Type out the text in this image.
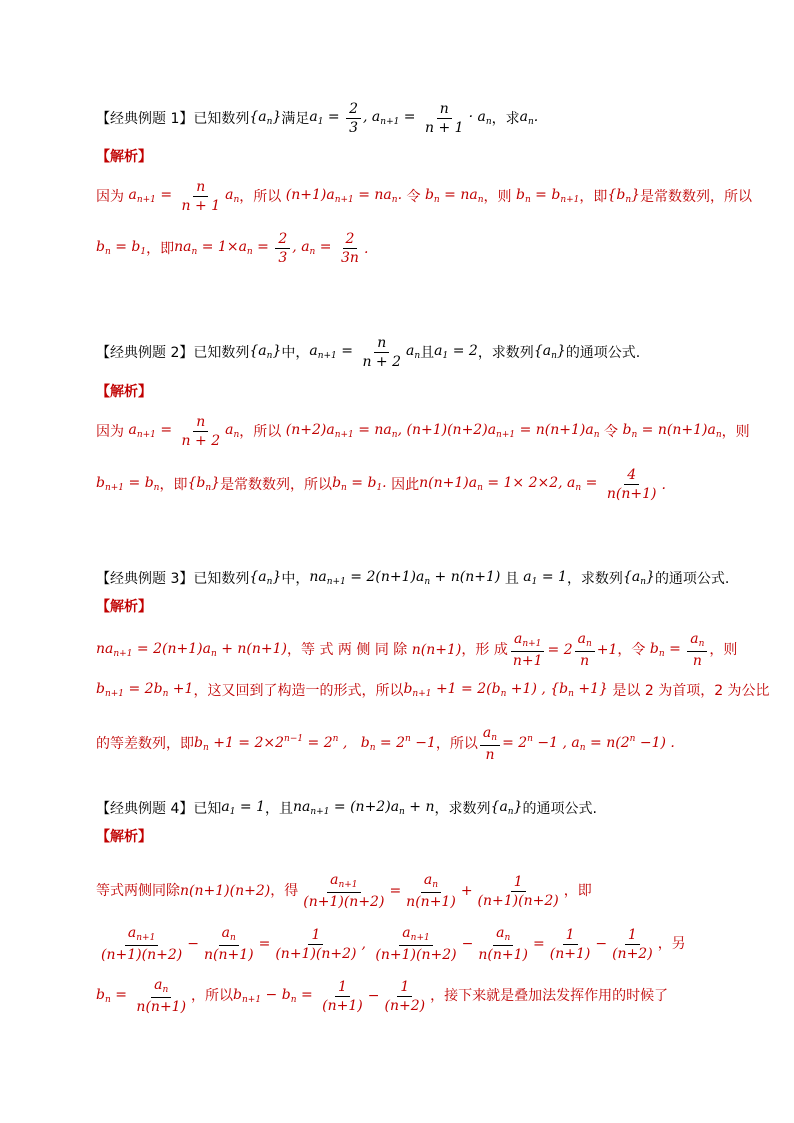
【经典例题 1】 已知数列 $\{a_n\}$ 满足 $a_1 = \frac{2}{3}$ , $a_{n+1} = \frac{n}{n + 1} \cdot a_n$ ，求 $a_n$.
【解析】
因为 $a_{n+1} = \frac{n}{n + 1} a_n$ ，所以 $(n+1)a_{n+1} = na_n$. 令 $b_n = na_n$ ，则 $b_n = b_{n+1}$ ，即 $\{b_n\}$ 是常数数列，所以
$b_n = b_1$ ，即 $na_n = 1\times a_n = \frac{2}{3}$ , $a_n = \frac{2}{3n}$ .
【经典例题 2】 已知数列 $\{a_n\}$ 中， $a_{n+1} = \frac{n}{n + 2} a_n$ 且 $a_1 = 2$ ，求数列 $\{a_n\}$ 的通项公式.
【解析】
因为 $a_{n+1} = \frac{n}{n + 2} a_n$ ，所以 $(n+2)a_{n+1} = na_n$, $(n+1)(n+2)a_{n+1} = n(n+1)a_n$ 令 $b_n = n(n+1)a_n$ ，则
$b_{n+1} = b_n$ ，即 $\{b_n\}$ 是常数数列，所以 $b_n = b_1$. 因此 $n(n+1)a_n = 1\times 2\times 2$, $a_n = \frac{4}{n(n+1)}$ .
【经典例题 3】 已知数列 $\{a_n\}$ 中， $na_{n+1} = 2(n+1)a_n + n(n+1)$ 且 $a_1 = 1$ ，求数列 $\{a_n\}$ 的通项公式.
【解析】
$na_{n+1} = 2(n+1)a_n + n(n+1)$ ，等 式 两 侧 同 除 n(n+1) ，形 成 $\frac{a_{n+1}}{n+1} = 2 \frac{a_n}{n} +1$ ，令 $b_n = \frac{a_n}{n}$ ，则
$b_{n+1} = 2b_n +1$ ，这又回到了构造一的形式，所以 $b_{n+1} +1 = 2(b_n +1)$ , $\{b_n +1\}$ 是以 2 为首项，2 为公比
的等差数列，即 $b_n +1 = 2\times 2^{n-1} = 2^n$ ,   $b_n = 2^n -1$ ，所以 $\frac{a_n}{n} = 2^n -1$ , $a_n = n(2^n -1)$ .
【经典例题 4】 已知 $a_1 = 1$ ，且 $na_{n+1} = (n+2)a_n + n$ ，求数列 $\{a_n\}$ 的通项公式.
【解析】
等式两侧同除 n(n+1)(n+2) ，得 $\frac{a_{n+1}}{(n+1)(n+2)} = \frac{a_n}{n(n+1)} + \frac{1}{(n+1)(n+2)}$ ，即
$\frac{a_{n+1}}{(n+1)(n+2)} - \frac{a_n}{n(n+1)} = \frac{1}{(n+1)(n+2)}$ , $\frac{a_{n+1}}{(n+1)(n+2)} - \frac{a_n}{n(n+1)} = \frac{1}{(n+1)} - \frac{1}{(n+2)}$ ，另
$b_n = \frac{a_n}{n(n+1)}$ ，所以 $b_{n+1} - b_n = \frac{1}{(n+1)} - \frac{1}{(n+2)}$ ，接下来就是叠加法发挥作用的时候了
